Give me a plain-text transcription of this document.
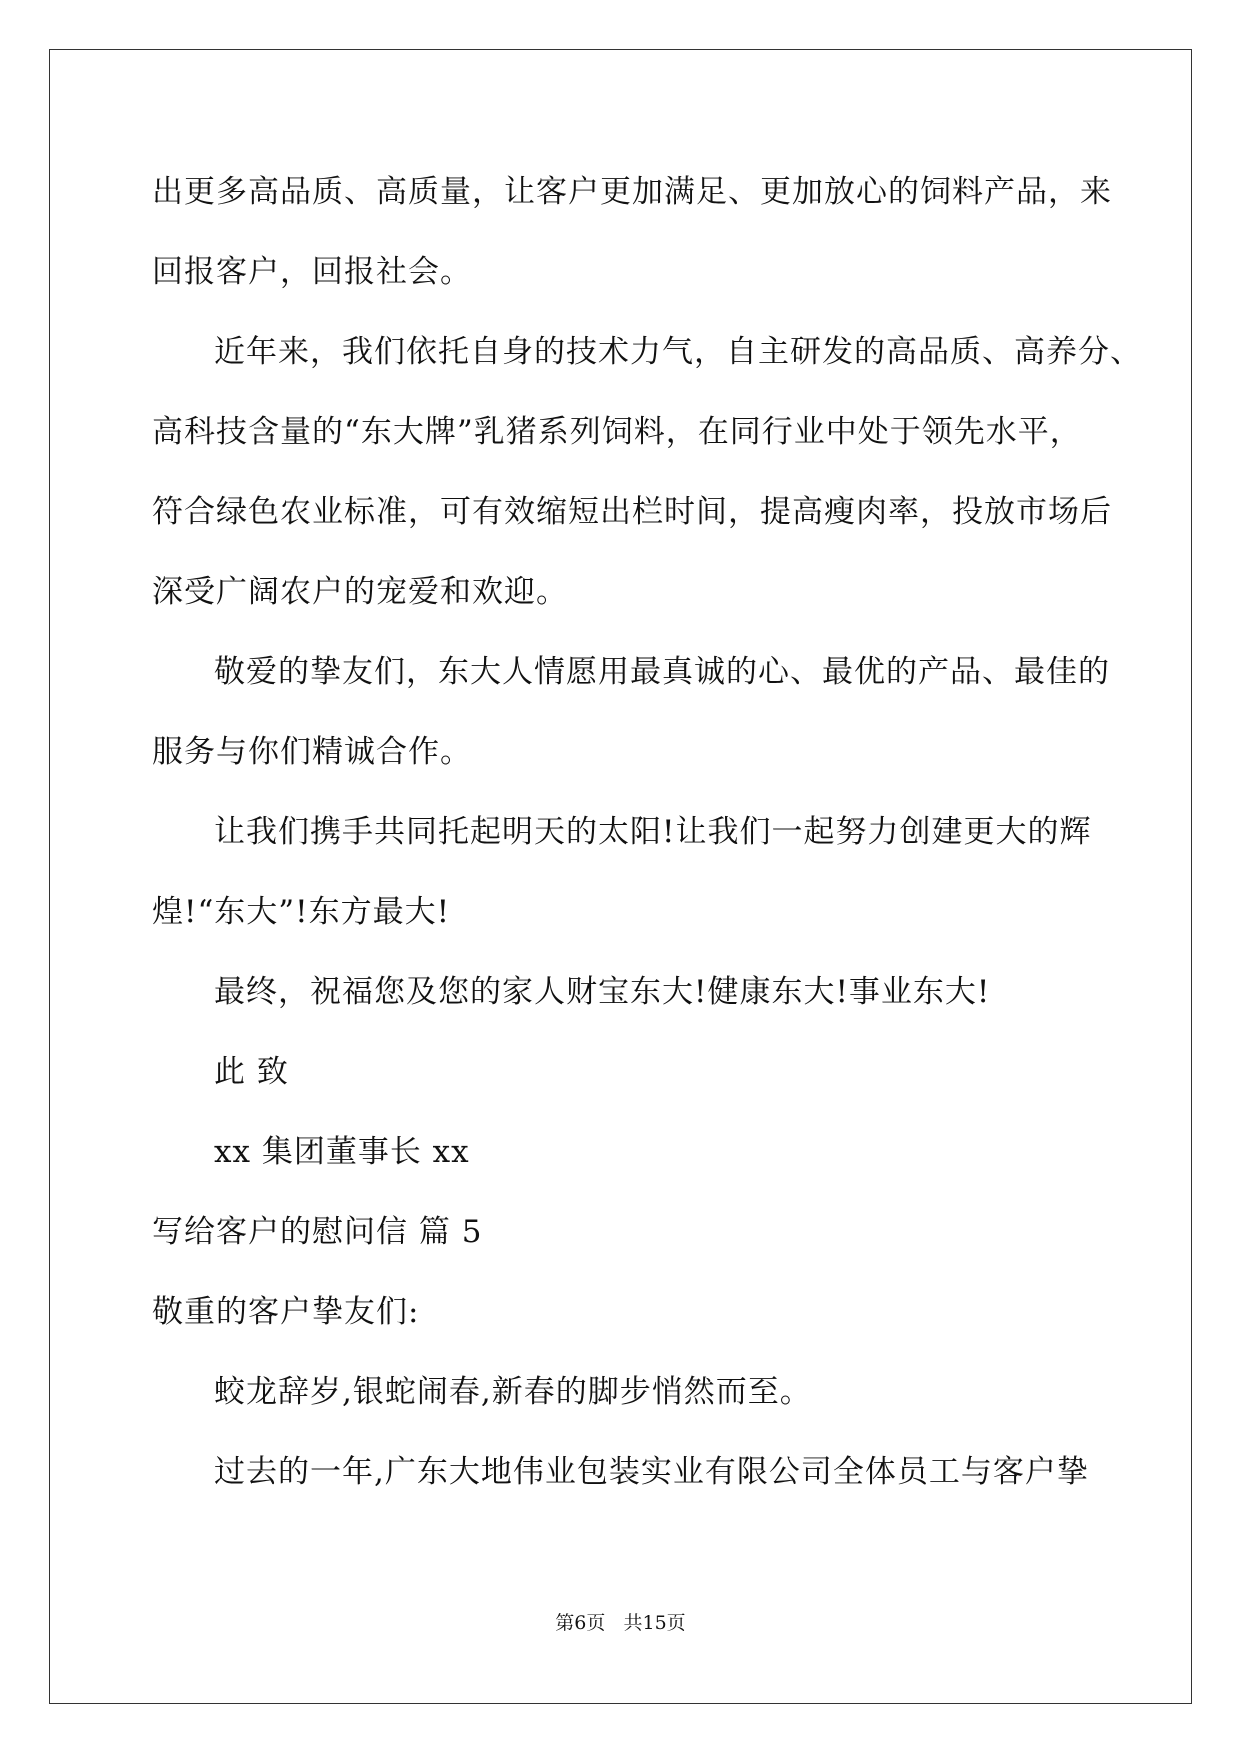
出更多高品质、高质量，让客户更加满足、更加放心的饲料产品，来
回报客户，回报社会。
近年来，我们依托自身的技术力气，自主研发的高品质、高养分、
高科技含量的“东大牌”乳猪系列饲料，在同行业中处于领先水平，
符合绿色农业标准，可有效缩短出栏时间，提高瘦肉率，投放市场后
深受广阔农户的宠爱和欢迎。
敬爱的挚友们，东大人情愿用最真诚的心、最优的产品、最佳的
服务与你们精诚合作。
让我们携手共同托起明天的太阳!让我们一起努力创建更大的辉
煌!“东大”!东方最大!
最终，祝福您及您的家人财宝东大!健康东大!事业东大!
此 致
xx 集团董事长 xx
写给客户的慰问信 篇 5
敬重的客户挚友们:
蛟龙辞岁,银蛇闹春,新春的脚步悄然而至。
过去的一年,广东大地伟业包装实业有限公司全体员工与客户挚
第6页   共15页
